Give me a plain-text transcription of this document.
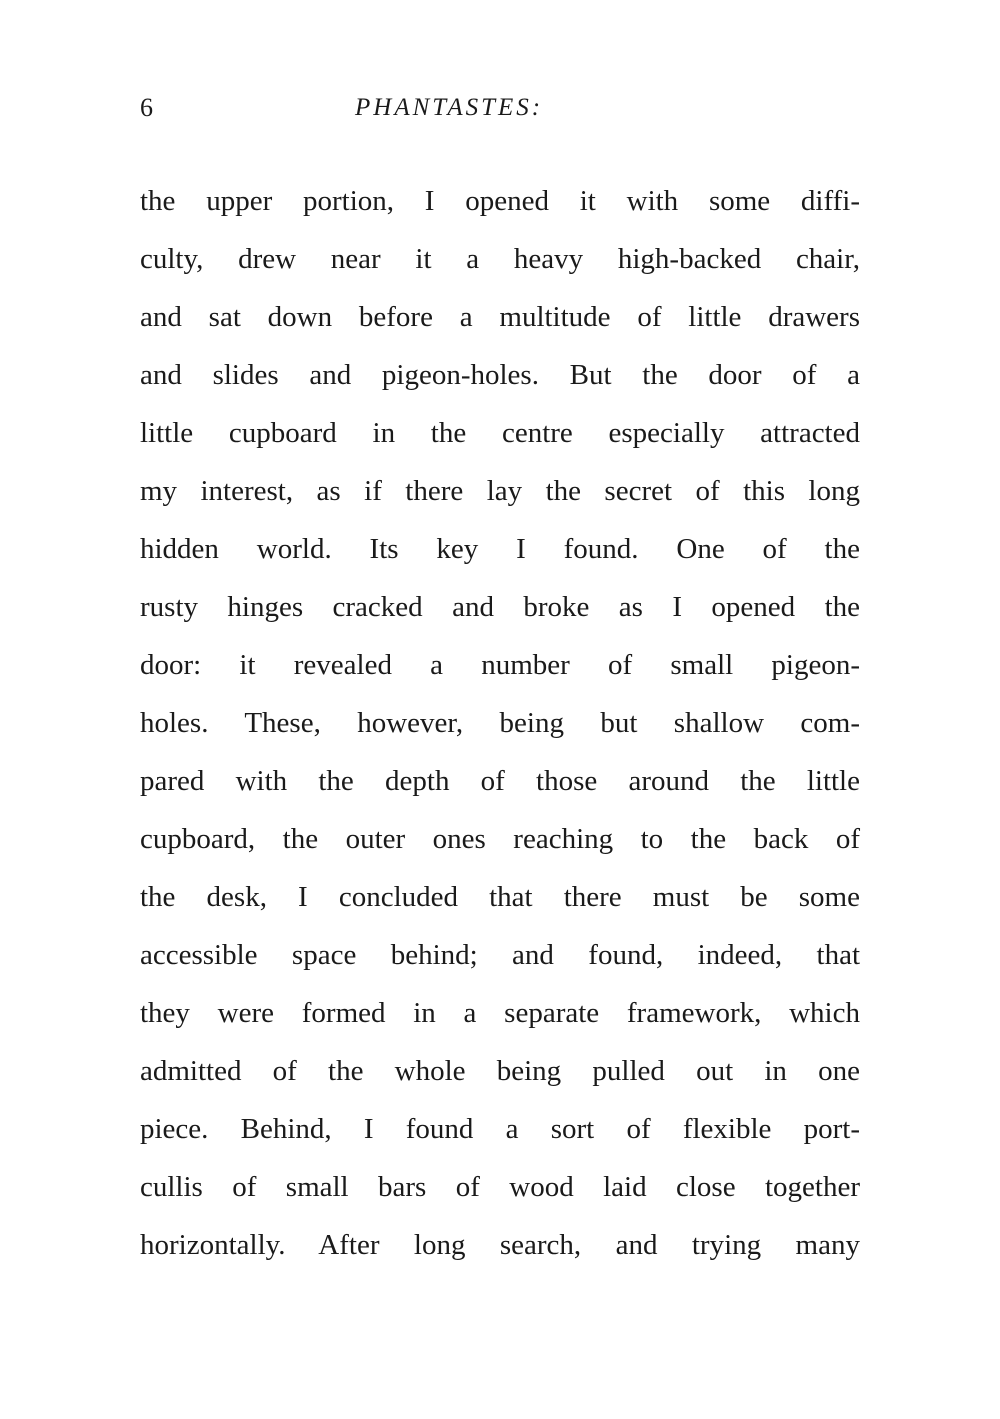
6	PHANTASTES:
the upper portion, I opened it with some diffi-
culty, drew near it a heavy high-backed chair,
and sat down before a multitude of little drawers
and slides and pigeon-holes. But the door of a
little cupboard in the centre especially attracted
my interest, as if there lay the secret of this long
hidden world. Its key I found. One of the
rusty hinges cracked and broke as I opened the
door: it revealed a number of small pigeon-
holes. These, however, being but shallow com-
pared with the depth of those around the little
cupboard, the outer ones reaching to the back of
the desk, I concluded that there must be some
accessible space behind; and found, indeed, that
they were formed in a separate framework, which
admitted of the whole being pulled out in one
piece. Behind, I found a sort of flexible port-
cullis of small bars of wood laid close together
horizontally. After long search, and trying many
